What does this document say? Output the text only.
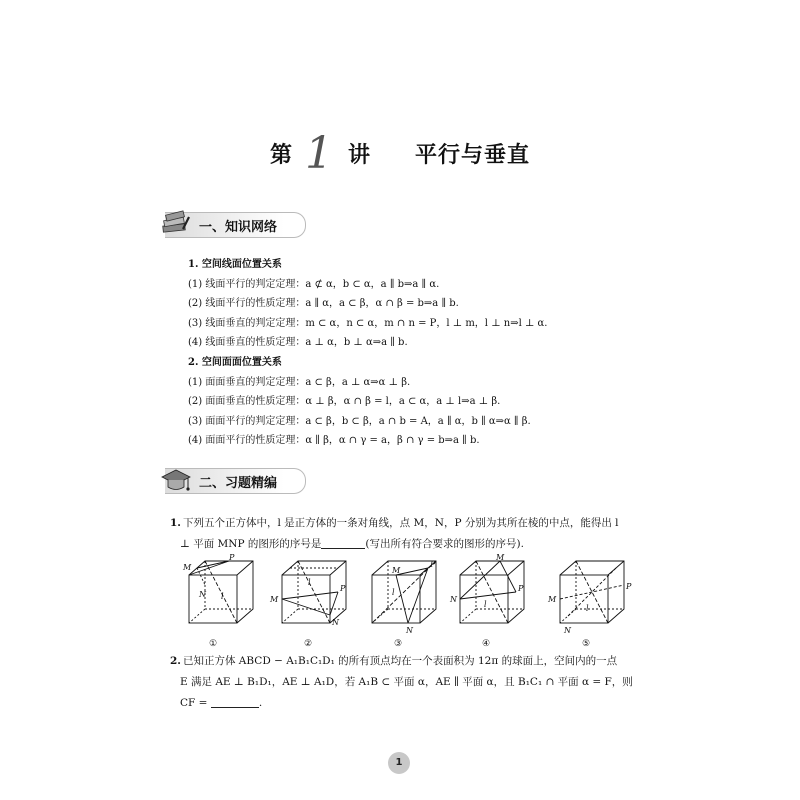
第 1 讲 平行与垂直
一、知识网络
1. 空间线面位置关系
(1) 线面平行的判定定理：a ⊄ α，b ⊂ α，a ∥ b⇒a ∥ α.
(2) 线面平行的性质定理：a ∥ α，a ⊂ β，α ∩ β = b⇒a ∥ b.
(3) 线面垂直的判定定理：m ⊂ α，n ⊂ α，m ∩ n = P，l ⊥ m，l ⊥ n⇒l ⊥ α.
(4) 线面垂直的性质定理：a ⊥ α，b ⊥ α⇒a ∥ b.
2. 空间面面位置关系
(1) 面面垂直的判定定理：a ⊂ β，a ⊥ α⇒α ⊥ β.
(2) 面面垂直的性质定理：α ⊥ β，α ∩ β = l，a ⊂ α，a ⊥ l⇒a ⊥ β.
(3) 面面平行的判定定理：a ⊂ β，b ⊂ β，a ∩ b = A，a ∥ α，b ∥ α⇒α ∥ β.
(4) 面面平行的性质定理：α ∥ β，α ∩ γ = a，β ∩ γ = b⇒a ∥ b.
二、习题精编
1. 下列五个正方体中，l 是正方体的一条对角线，点 M，N，P 分别为其所在棱的中点，能得出 l
⊥ 平面 MNP 的图形的序号是	(写出所有符合要求的图形的序号).
M
P
N l
①
M
P
N
l
②
M
P
N
l
③
M
P
N
l
④
M
P
N
l
⑤
2. 已知正方体 ABCD − A₁B₁C₁D₁ 的所有顶点均在一个表面积为 12π 的球面上，空间内的一点
E 满足 AE ⊥ B₁D₁，AE ⊥ A₁D，若 A₁B ⊂ 平面 α，AE ∥ 平面 α，且 B₁C₁ ∩ 平面 α = F，则
CF =	.
1
